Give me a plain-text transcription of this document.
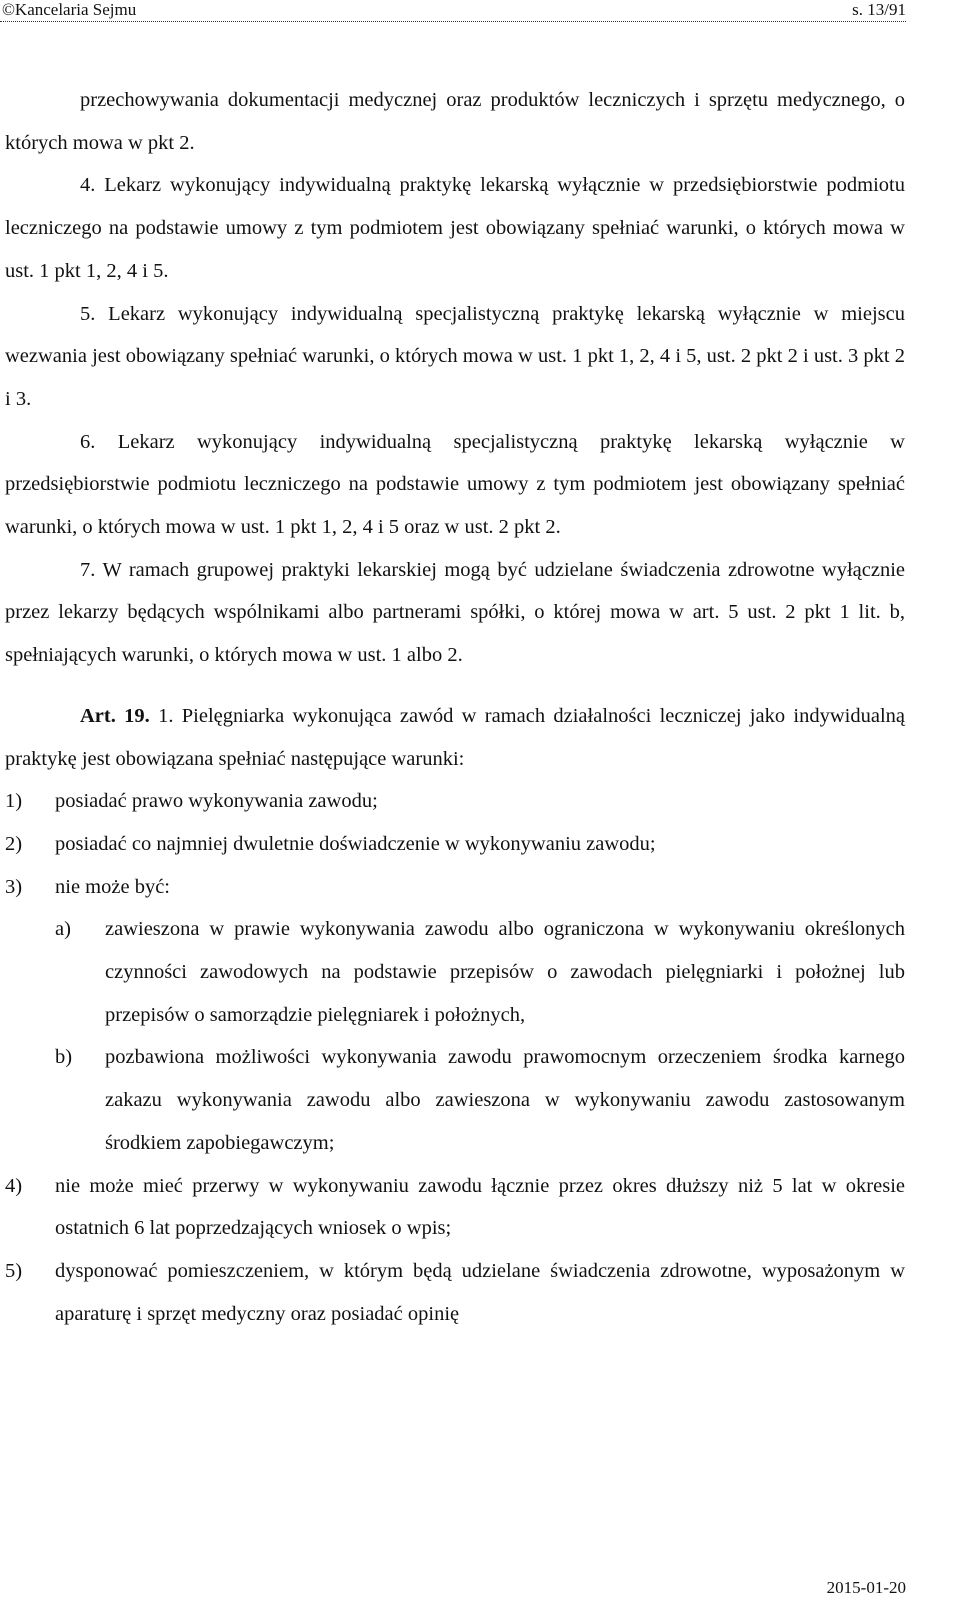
©Kancelaria Sejmu	s. 13/91

przechowywania dokumentacji medycznej oraz produktów leczniczych i sprzętu medycznego, o których mowa w pkt 2.

4. Lekarz wykonujący indywidualną praktykę lekarską wyłącznie w przedsiębiorstwie podmiotu leczniczego na podstawie umowy z tym podmiotem jest obowiązany spełniać warunki, o których mowa w ust. 1 pkt 1, 2, 4 i 5.

5. Lekarz wykonujący indywidualną specjalistyczną praktykę lekarską wyłącznie w miejscu wezwania jest obowiązany spełniać warunki, o których mowa w ust. 1 pkt 1, 2, 4 i 5, ust. 2 pkt 2 i ust. 3 pkt 2 i 3.

6. Lekarz wykonujący indywidualną specjalistyczną praktykę lekarską wyłącznie w przedsiębiorstwie podmiotu leczniczego na podstawie umowy z tym podmiotem jest obowiązany spełniać warunki, o których mowa w ust. 1 pkt 1, 2, 4 i 5 oraz w ust. 2 pkt 2.

7. W ramach grupowej praktyki lekarskiej mogą być udzielane świadczenia zdrowotne wyłącznie przez lekarzy będących wspólnikami albo partnerami spółki, o której mowa w art. 5 ust. 2 pkt 1 lit. b, spełniających warunki, o których mowa w ust. 1 albo 2.

Art. 19. 1. Pielęgniarka wykonująca zawód w ramach działalności leczniczej jako indywidualną praktykę jest obowiązana spełniać następujące warunki:

1)	posiadać prawo wykonywania zawodu;
2)	posiadać co najmniej dwuletnie doświadczenie w wykonywaniu zawodu;
3)	nie może być:
a)	zawieszona w prawie wykonywania zawodu albo ograniczona w wykonywaniu określonych czynności zawodowych na podstawie przepisów o zawodach pielęgniarki i położnej lub przepisów o samorządzie pielęgniarek i położnych,
b)	pozbawiona możliwości wykonywania zawodu prawomocnym orzeczeniem środka karnego zakazu wykonywania zawodu albo zawieszona w wykonywaniu zawodu zastosowanym środkiem zapobiegawczym;
4)	nie może mieć przerwy w wykonywaniu zawodu łącznie przez okres dłuższy niż 5 lat w okresie ostatnich 6 lat poprzedzających wniosek o wpis;
5)	dysponować pomieszczeniem, w którym będą udzielane świadczenia zdrowotne, wyposażonym w aparaturę i sprzęt medyczny oraz posiadać opinię
2015-01-20
